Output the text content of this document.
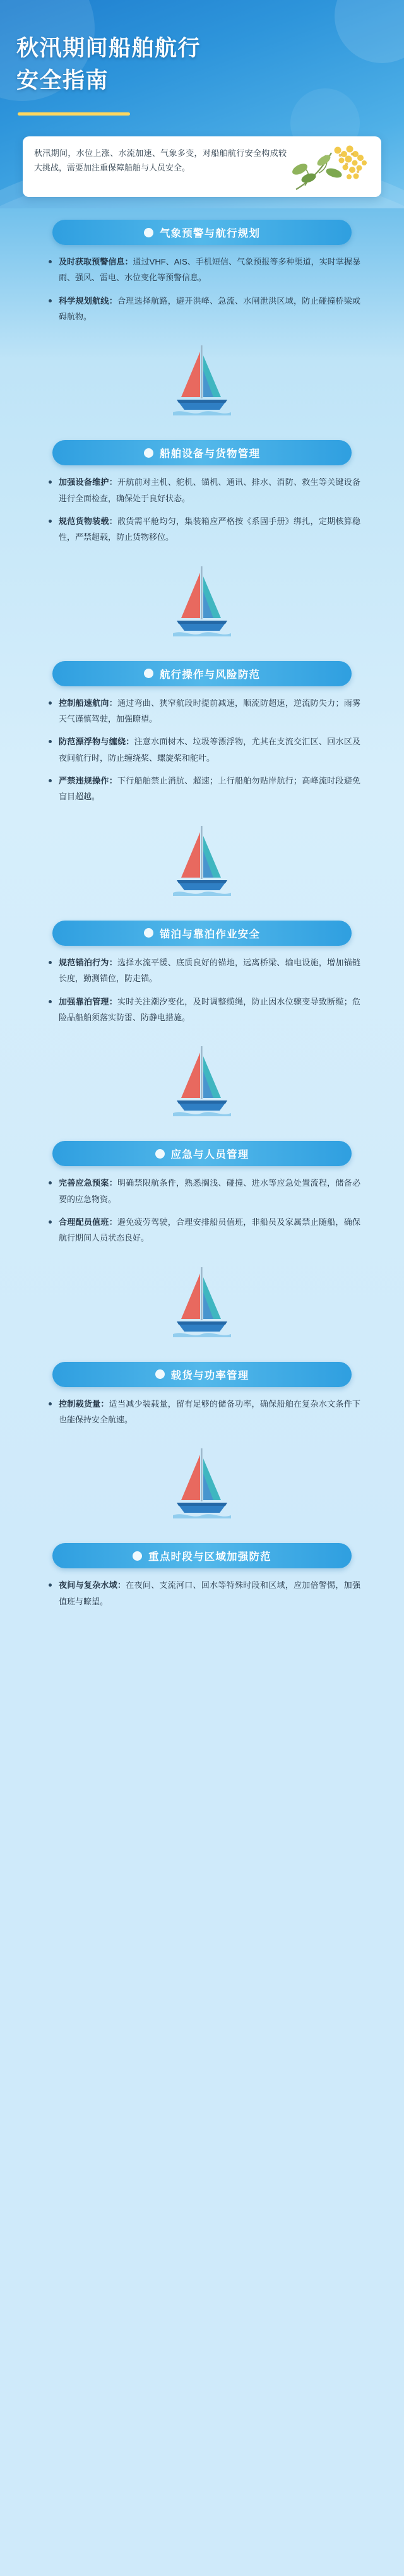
秋汛期间船舶航行
安全指南
秋汛期间，水位上涨、水流加速、气象多变，对船舶航行安全构成较大挑战，需要加注重保障船舶与人员安全。
气象预警与航行规划
及时获取预警信息：通过VHF、AIS、手机短信、气象预报等多种渠道，实时掌握暴雨、强风、雷电、水位变化等预警信息。
科学规划航线：合理选择航路，避开洪峰、急流、水闸泄洪区域，防止碰撞桥梁或碍航物。
船舶设备与货物管理
加强设备维护：开航前对主机、舵机、锚机、通讯、排水、消防、救生等关键设备进行全面检查，确保处于良好状态。
规范货物装载：散货需平舱均匀，集装箱应严格按《系固手册》绑扎，定期核算稳性，严禁超载，防止货物移位。
航行操作与风险防范
控制船速航向：通过弯曲、狭窄航段时提前减速，顺流防超速，逆流防失力；雨雾天气谨慎驾驶，加强瞭望。
防范漂浮物与缠绕：注意水面树木、垃圾等漂浮物，尤其在支流交汇区、回水区及夜间航行时，防止缠绕桨、螺旋桨和舵叶。
严禁违规操作：下行船舶禁止消肮、超速；上行船舶勿贴岸航行；高峰流时段避免盲目超越。
锚泊与靠泊作业安全
规范锚泊行为：选择水流平缓、底质良好的锚地，远离桥梁、输电设施，增加锚链长度，勤测锚位，防走锚。
加强靠泊管理：实时关注潮汐变化，及时调整缆绳，防止因水位骤变导致断缆；危险品船舶须落实防雷、防静电措施。
应急与人员管理
完善应急预案：明确禁限航条件，熟悉搁浅、碰撞、进水等应急处置流程，储备必要的应急物资。
合理配员值班：避免疲劳驾驶，合理安排船员值班，非船员及家属禁止随船，确保航行期间人员状态良好。
载货与功率管理
控制载货量：适当减少装载量，留有足够的储备功率，确保船舶在复杂水文条件下也能保持安全航速。
重点时段与区域加强防范
夜间与复杂水域：在夜间、支流河口、回水等特殊时段和区域，应加倍警惕，加强值班与瞭望。
